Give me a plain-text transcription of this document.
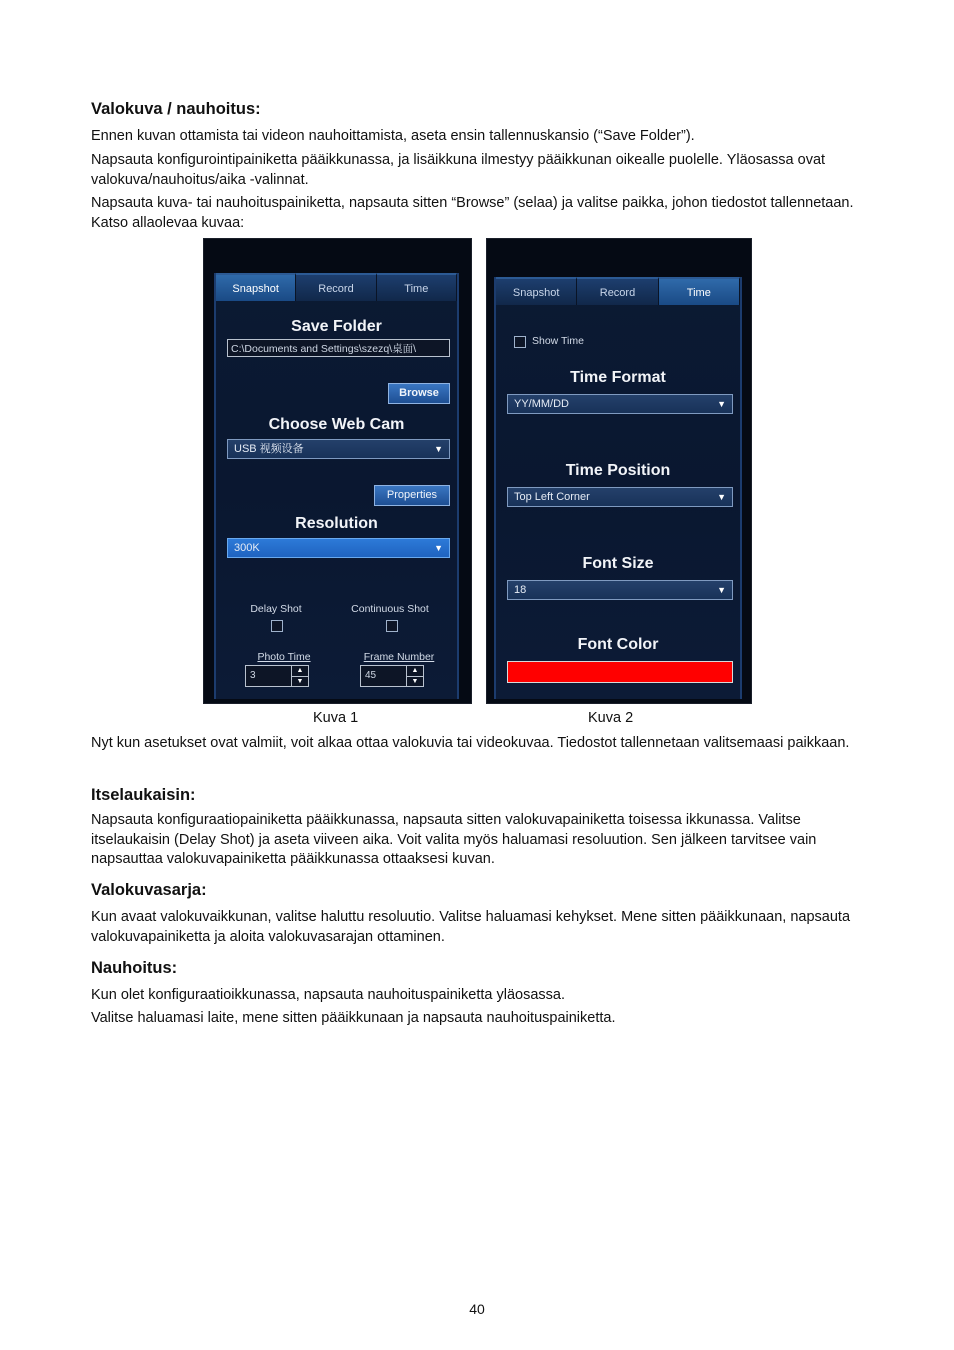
Valokuva / nauhoitus:
Ennen kuvan ottamista tai videon nauhoittamista, aseta ensin tallennuskansio (“Save Folder”).
Napsauta konfigurointipainiketta pääikkunassa, ja lisäikkuna ilmestyy pääikkunan oikealle puolelle. Yläosassa ovat valokuva/nauhoitus/aika -valinnat.
Napsauta kuva- tai nauhoituspainiketta, napsauta sitten “Browse” (selaa) ja valitse paikka, johon tiedostot tallennetaan. Katso allaolevaa kuvaa:
Snapshot	Record	Time
Save Folder
C:\Documents and Settings\szezq\桌面\
Browse
Choose Web Cam
USB 视频设备	▼
Properties
Resolution
300K	▼
Delay Shot	Continuous Shot
Photo Time	Frame Number
3	▲
▼
45	▲
▼
Snapshot	Record	Time
Show Time
Time Format
YY/MM/DD	▼
Time Position
Top Left Corner	▼
Font Size
18	▼
Font Color
Kuva 1	Kuva 2
Nyt kun asetukset ovat valmiit, voit alkaa ottaa valokuvia tai videokuvaa. Tiedostot tallennetaan valitsemaasi paikkaan.
Itselaukaisin:
Napsauta konfiguraatiopainiketta pääikkunassa, napsauta sitten valokuvapainiketta toisessa ikkunassa. Valitse itselaukaisin (Delay Shot) ja aseta viiveen aika. Voit valita myös haluamasi resoluution. Sen jälkeen tarvitsee vain napsauttaa valokuvapainiketta pääikkunassa ottaaksesi kuvan.
Valokuvasarja:
Kun avaat valokuvaikkunan, valitse haluttu resoluutio. Valitse haluamasi kehykset. Mene sitten pääikkunaan, napsauta valokuvapainiketta ja aloita valokuvasarajan ottaminen.
Nauhoitus:
Kun olet konfiguraatioikkunassa, napsauta nauhoituspainiketta yläosassa.
Valitse haluamasi laite, mene sitten pääikkunaan ja napsauta nauhoituspainiketta.
40
